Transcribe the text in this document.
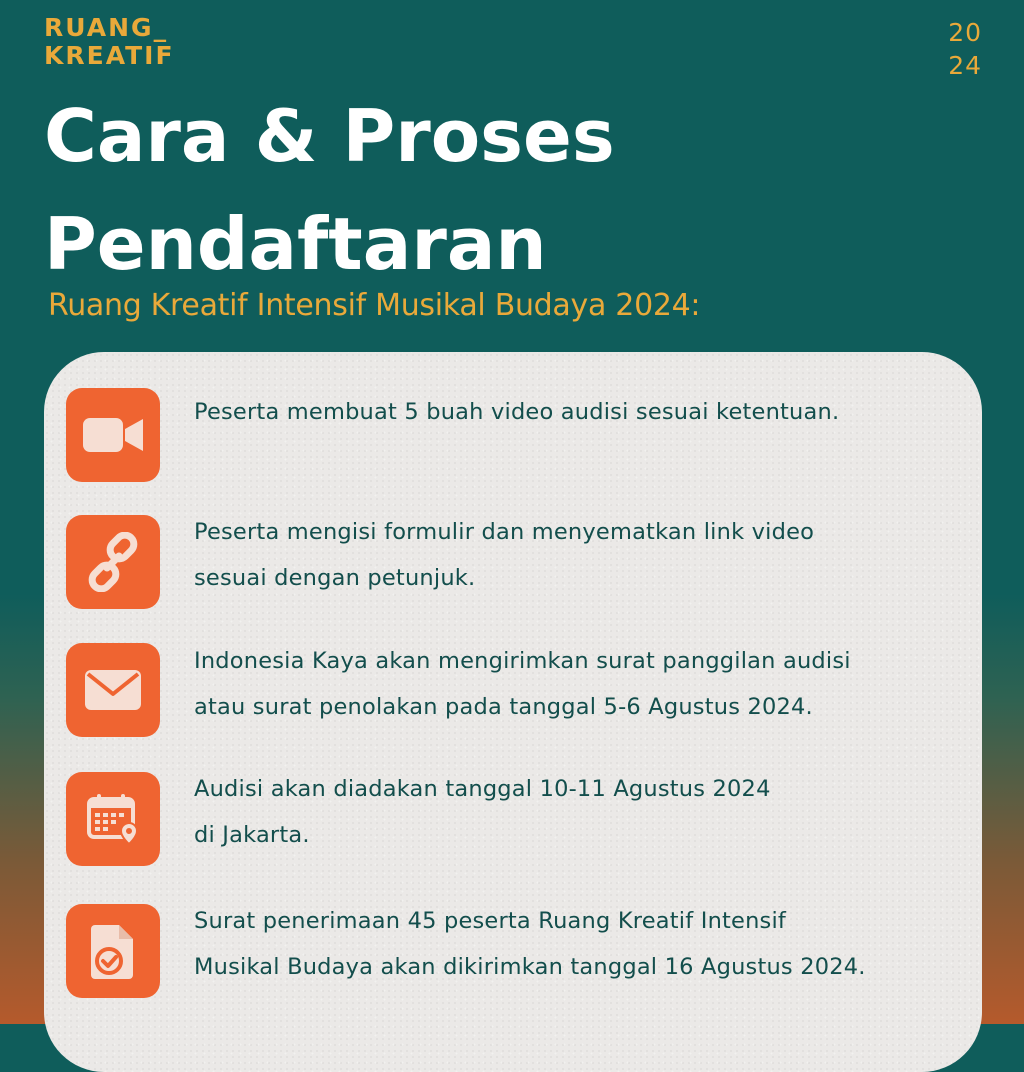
RUANG_
KREATIF
20
24
Cara & Proses
Pendaftaran
Ruang Kreatif Intensif Musikal Budaya 2024:
Peserta membuat 5 buah video audisi sesuai ketentuan.
Peserta mengisi formulir dan menyematkan link video
sesuai dengan petunjuk.
Indonesia Kaya akan mengirimkan surat panggilan audisi
atau surat penolakan pada tanggal 5-6 Agustus 2024.
Audisi akan diadakan tanggal 10-11 Agustus 2024
di Jakarta.
Surat penerimaan 45 peserta Ruang Kreatif Intensif
Musikal Budaya akan dikirimkan tanggal 16 Agustus 2024.
